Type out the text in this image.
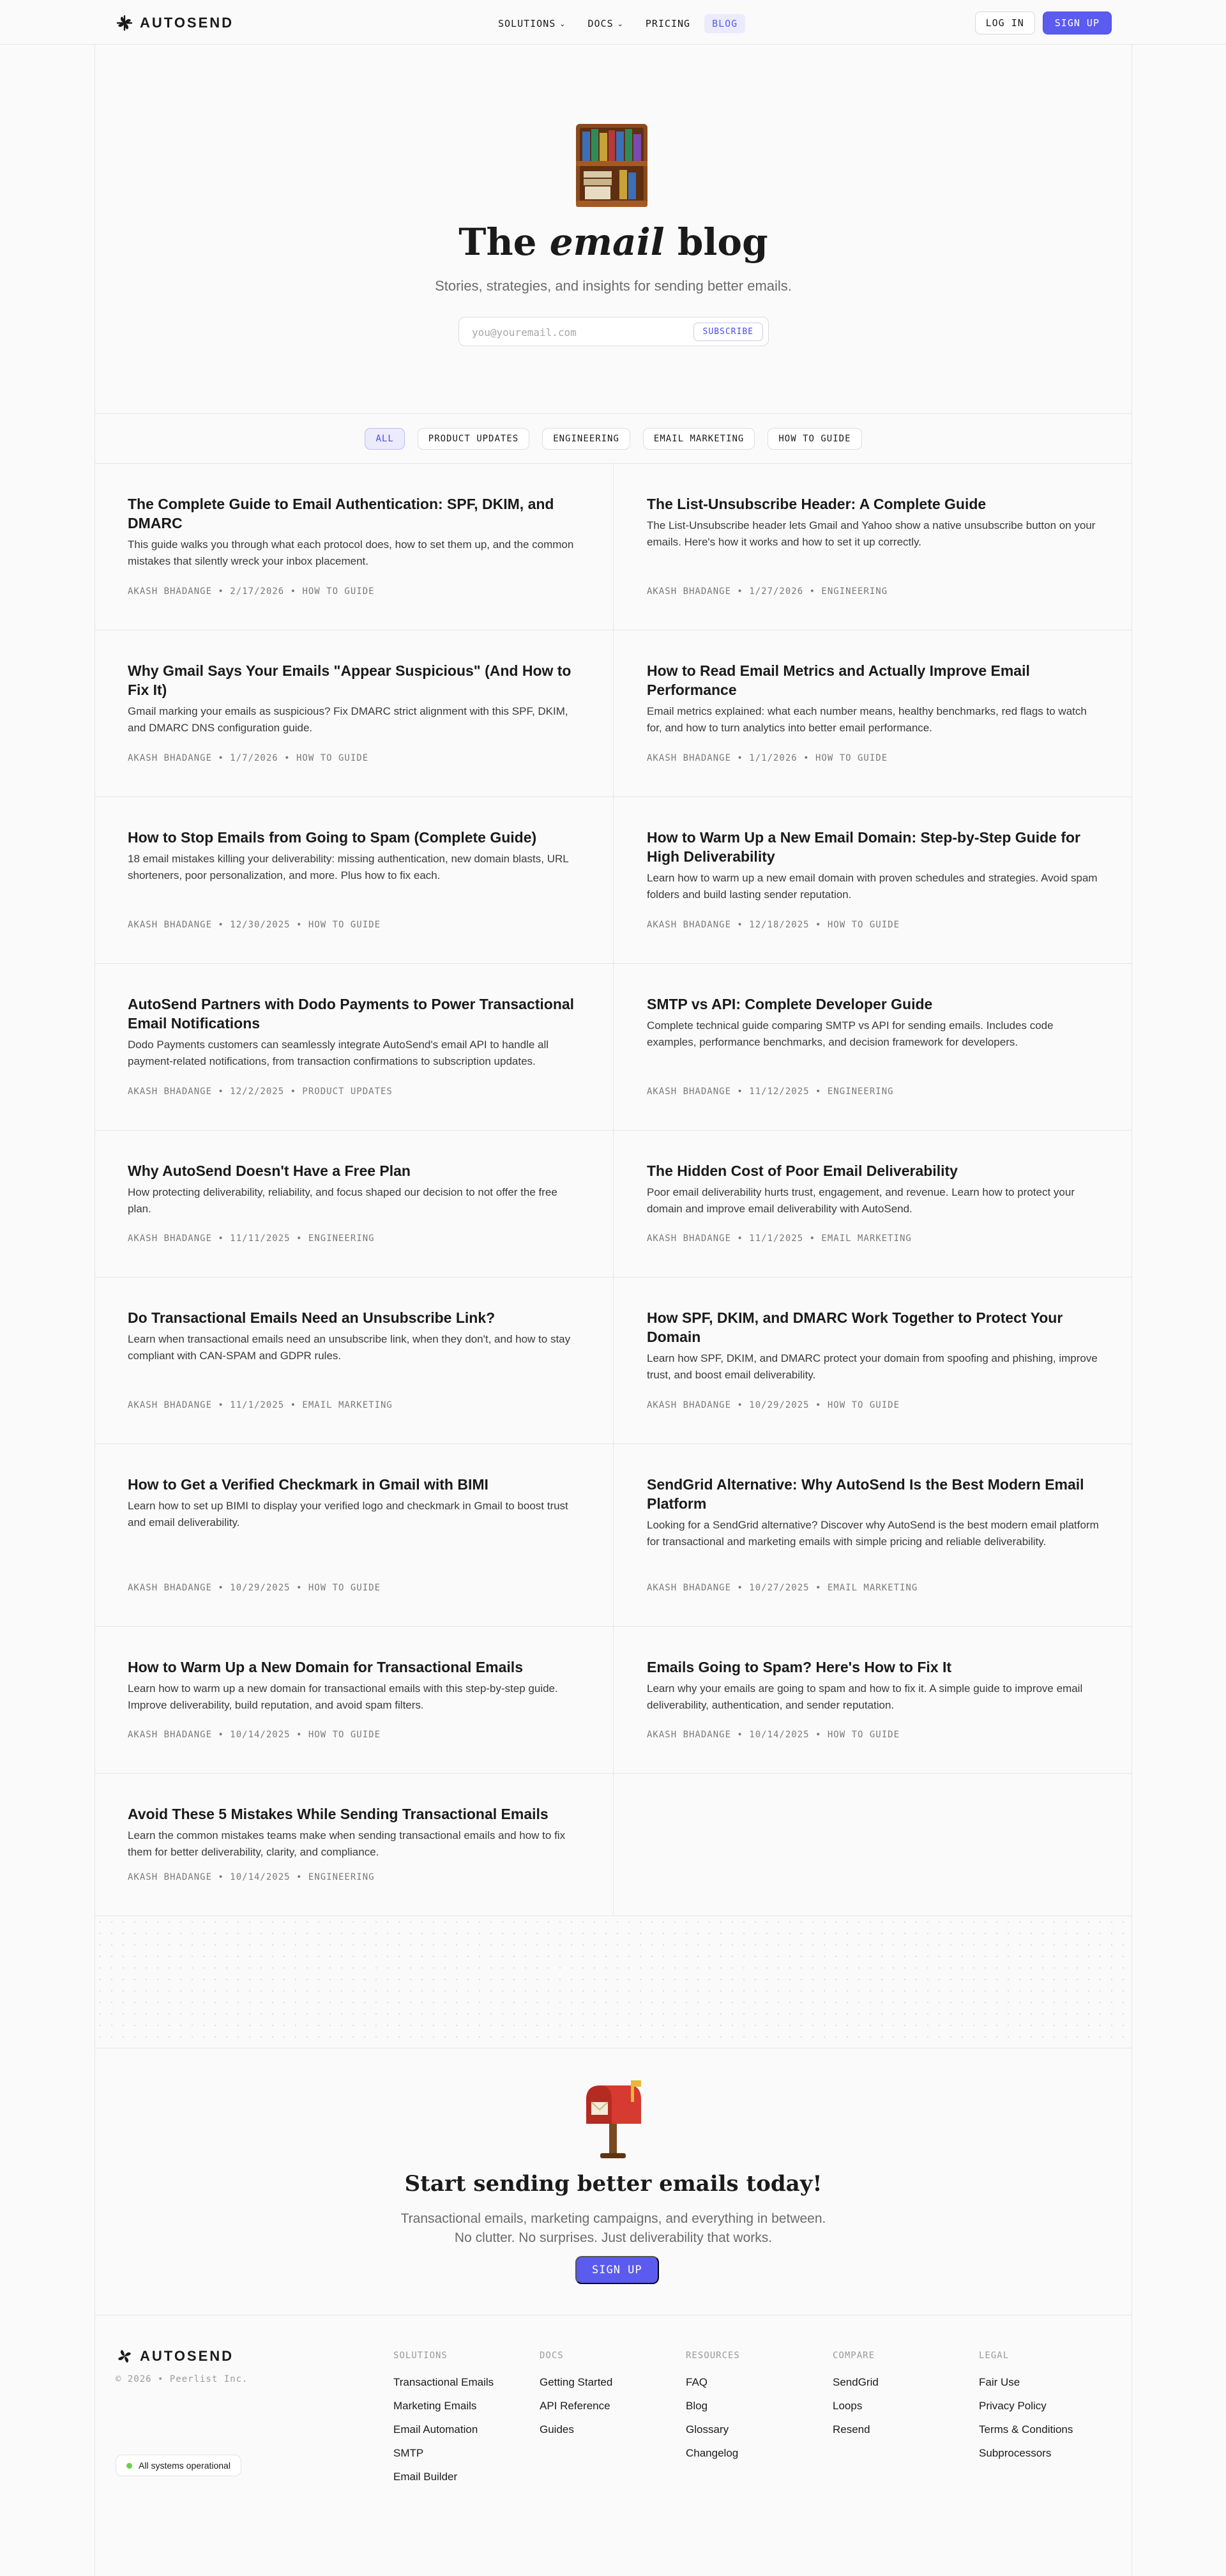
AUTOSEND	SOLUTIONS ⌄ DOCS ⌄ PRICING BLOG	LOG IN	SIGN UP
The email blog

Stories, strategies, and insights for sending better emails.

you@youremail.com	SUBSCRIBE
ALL	PRODUCT UPDATES	ENGINEERING	EMAIL MARKETING	HOW TO GUIDE
The Complete Guide to Email Authentication: SPF, DKIM, and DMARC

This guide walks you through what each protocol does, how to set them up, and the common mistakes that silently wreck your inbox placement.

AKASH BHADANGE • 2/17/2026 • HOW TO GUIDE
The List-Unsubscribe Header: A Complete Guide

The List-Unsubscribe header lets Gmail and Yahoo show a native unsubscribe button on your emails. Here's how it works and how to set it up correctly.

AKASH BHADANGE • 1/27/2026 • ENGINEERING
Why Gmail Says Your Emails "Appear Suspicious" (And How to Fix It)

Gmail marking your emails as suspicious? Fix DMARC strict alignment with this SPF, DKIM, and DMARC DNS configuration guide.

AKASH BHADANGE • 1/7/2026 • HOW TO GUIDE
How to Read Email Metrics and Actually Improve Email Performance

Email metrics explained: what each number means, healthy benchmarks, red flags to watch for, and how to turn analytics into better email performance.

AKASH BHADANGE • 1/1/2026 • HOW TO GUIDE
How to Stop Emails from Going to Spam (Complete Guide)

18 email mistakes killing your deliverability: missing authentication, new domain blasts, URL shorteners, poor personalization, and more. Plus how to fix each.

AKASH BHADANGE • 12/30/2025 • HOW TO GUIDE
How to Warm Up a New Email Domain: Step-by-Step Guide for High Deliverability

Learn how to warm up a new email domain with proven schedules and strategies. Avoid spam folders and build lasting sender reputation.

AKASH BHADANGE • 12/18/2025 • HOW TO GUIDE
AutoSend Partners with Dodo Payments to Power Transactional Email Notifications

Dodo Payments customers can seamlessly integrate AutoSend's email API to handle all payment-related notifications, from transaction confirmations to subscription updates.

AKASH BHADANGE • 12/2/2025 • PRODUCT UPDATES
SMTP vs API: Complete Developer Guide

Complete technical guide comparing SMTP vs API for sending emails. Includes code examples, performance benchmarks, and decision framework for developers.

AKASH BHADANGE • 11/12/2025 • ENGINEERING
Why AutoSend Doesn't Have a Free Plan

How protecting deliverability, reliability, and focus shaped our decision to not offer the free plan.

AKASH BHADANGE • 11/11/2025 • ENGINEERING
The Hidden Cost of Poor Email Deliverability

Poor email deliverability hurts trust, engagement, and revenue. Learn how to protect your domain and improve email deliverability with AutoSend.

AKASH BHADANGE • 11/1/2025 • EMAIL MARKETING
Do Transactional Emails Need an Unsubscribe Link?

Learn when transactional emails need an unsubscribe link, when they don't, and how to stay compliant with CAN-SPAM and GDPR rules.

AKASH BHADANGE • 11/1/2025 • EMAIL MARKETING
How SPF, DKIM, and DMARC Work Together to Protect Your Domain

Learn how SPF, DKIM, and DMARC protect your domain from spoofing and phishing, improve trust, and boost email deliverability.

AKASH BHADANGE • 10/29/2025 • HOW TO GUIDE
How to Get a Verified Checkmark in Gmail with BIMI

Learn how to set up BIMI to display your verified logo and checkmark in Gmail to boost trust and email deliverability.

AKASH BHADANGE • 10/29/2025 • HOW TO GUIDE
SendGrid Alternative: Why AutoSend Is the Best Modern Email Platform

Looking for a SendGrid alternative? Discover why AutoSend is the best modern email platform for transactional and marketing emails with simple pricing and reliable deliverability.

AKASH BHADANGE • 10/27/2025 • EMAIL MARKETING
How to Warm Up a New Domain for Transactional Emails

Learn how to warm up a new domain for transactional emails with this step-by-step guide. Improve deliverability, build reputation, and avoid spam filters.

AKASH BHADANGE • 10/14/2025 • HOW TO GUIDE
Emails Going to Spam? Here's How to Fix It

Learn why your emails are going to spam and how to fix it. A simple guide to improve email deliverability, authentication, and sender reputation.

AKASH BHADANGE • 10/14/2025 • HOW TO GUIDE
Avoid These 5 Mistakes While Sending Transactional Emails

Learn the common mistakes teams make when sending transactional emails and how to fix them for better deliverability, clarity, and compliance.

AKASH BHADANGE • 10/14/2025 • ENGINEERING
Start sending better emails today!

Transactional emails, marketing campaigns, and everything in between.
No clutter. No surprises. Just deliverability that works.

SIGN UP
AUTOSEND
© 2026 • Peerlist Inc.
All systems operational
SOLUTIONS
Transactional Emails
Marketing Emails
Email Automation
SMTP
Email Builder
DOCS
Getting Started
API Reference
Guides
RESOURCES
FAQ
Blog
Glossary
Changelog
COMPARE
SendGrid
Loops
Resend
LEGAL
Fair Use
Privacy Policy
Terms & Conditions
Subprocessors
